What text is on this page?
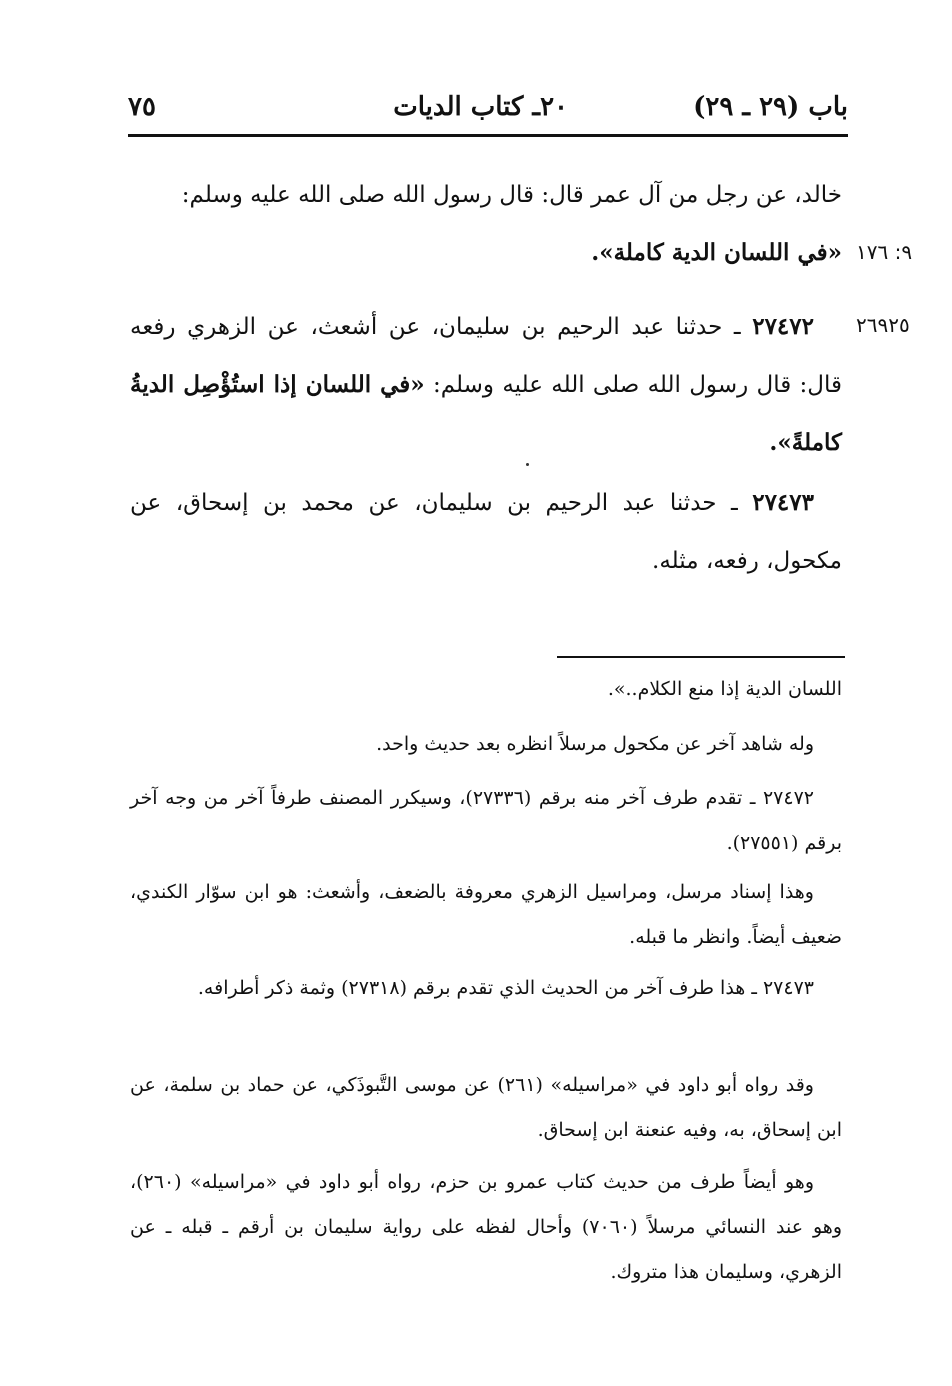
باب (٢٩ ـ ٢٩)
٢٠ـ كتاب الديات
٧٥

خالد، عن رجل من آل عمر قال: قال رسول الله صلى الله عليه وسلم:
«في اللسان الدية كاملة». ٩: ١٧٦

٢٧٤٧٢ ـ حدثنا عبد الرحيم بن سليمان، عن أشعث، عن الزهري رفعه قال: قال رسول الله صلى الله عليه وسلم: «في اللسان إذا استُؤْصِل الديةُ كاملةً».

٢٦٩٢٥

٢٧٤٧٣ ـ حدثنا عبد الرحيم بن سليمان، عن محمد بن إسحاق، عن مكحول، رفعه، مثله.

اللسان الدية إذا منع الكلام..».

وله شاهد آخر عن مكحول مرسلاً انظره بعد حديث واحد.

٢٧٤٧٢ ـ تقدم طرف آخر منه برقم (٢٧٣٣٦)، وسيكرر المصنف طرفاً آخر من وجه آخر برقم (٢٧٥٥١).

وهذا إسناد مرسل، ومراسيل الزهري معروفة بالضعف، وأشعث: هو ابن سوّار الكندي، ضعيف أيضاً. وانظر ما قبله.

٢٧٤٧٣ ـ هذا طرف آخر من الحديث الذي تقدم برقم (٢٧٣١٨) وثمة ذكر أطرافه.

وقد رواه أبو داود في «مراسيله» (٢٦١) عن موسى التَّبوذَكي، عن حماد بن سلمة، عن ابن إسحاق، به، وفيه عنعنة ابن إسحاق.

وهو أيضاً طرف من حديث كتاب عمرو بن حزم، رواه أبو داود في «مراسيله» (٢٦٠)، وهو عند النسائي مرسلاً (٧٠٦٠) وأحال لفظه على رواية سليمان بن أرقم ـ قبله ـ عن الزهري، وسليمان هذا متروك.
